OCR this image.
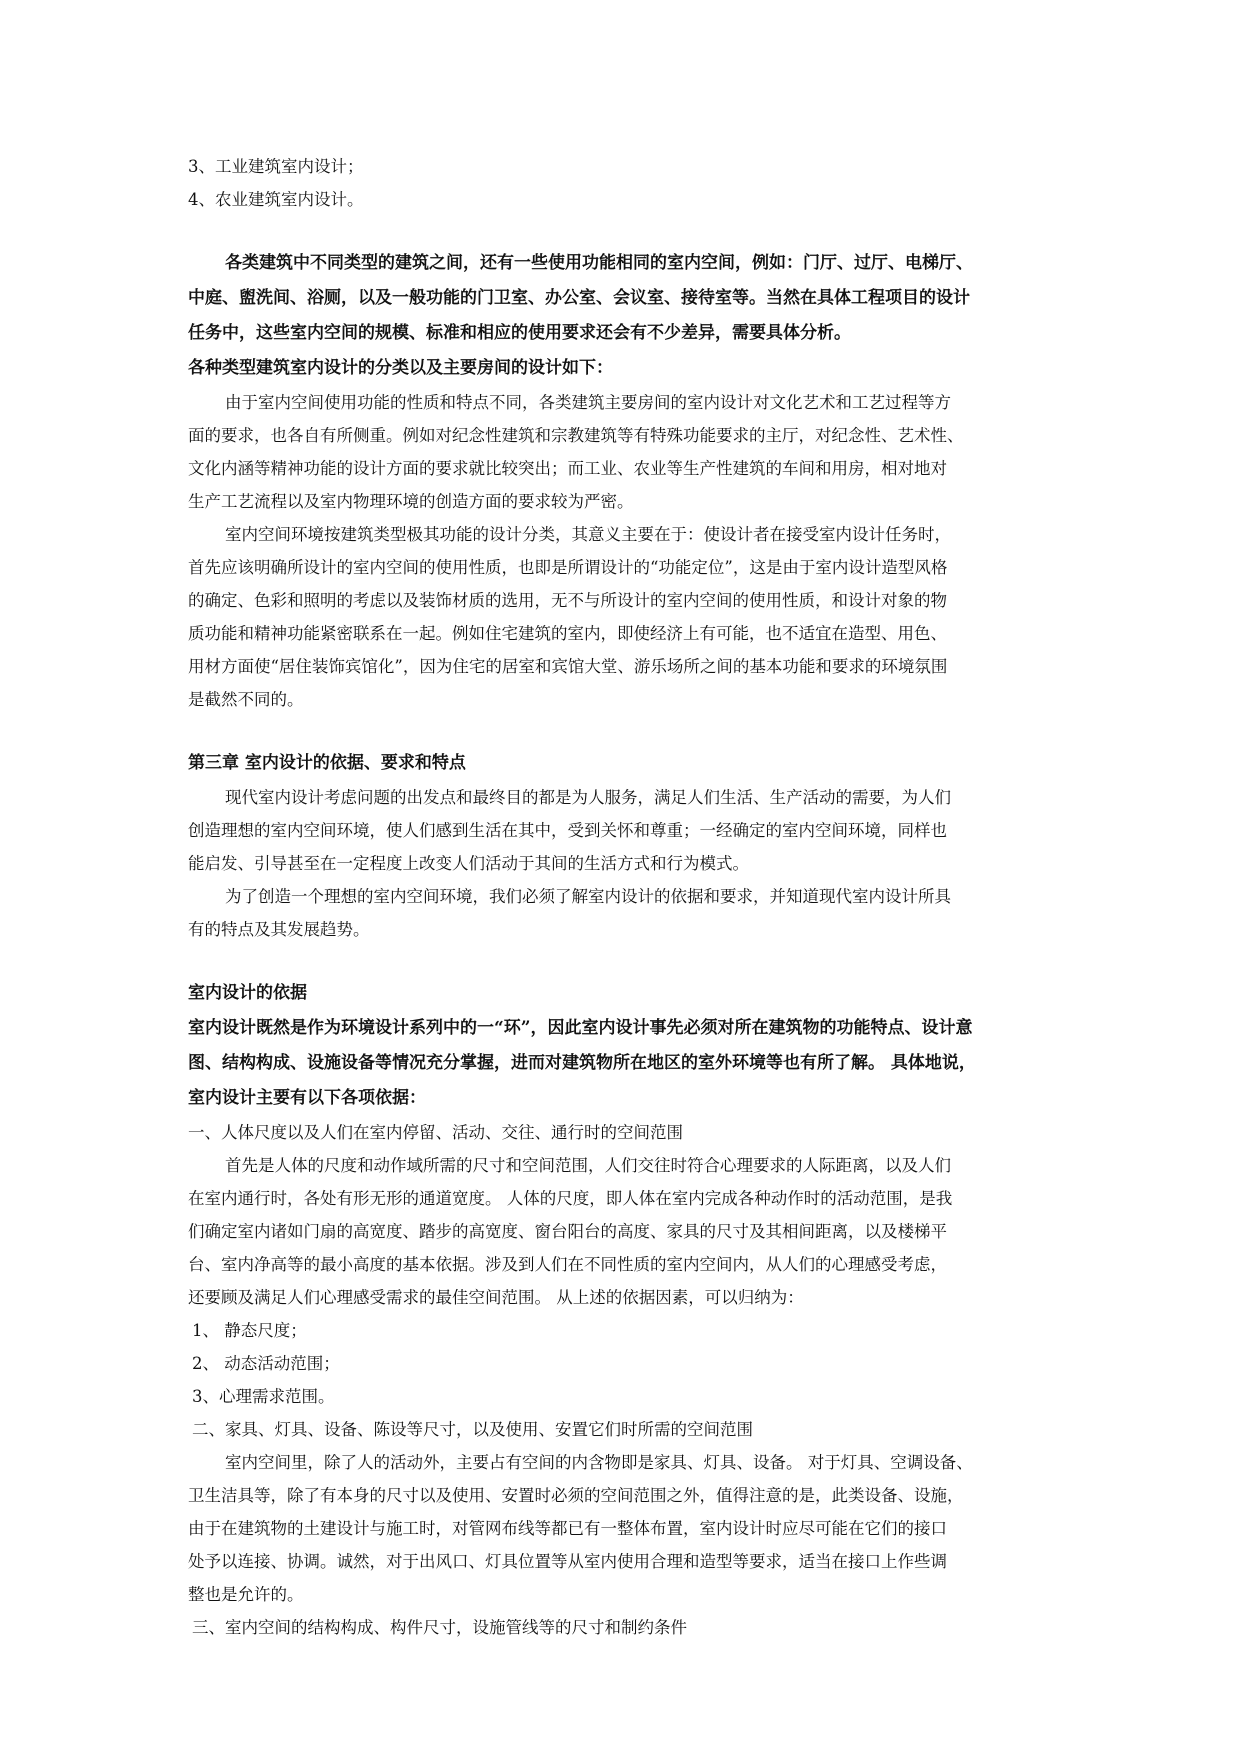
3、工业建筑室内设计；
4、农业建筑室内设计。
各类建筑中不同类型的建筑之间，还有一些使用功能相同的室内空间，例如：门厅、过厅、电梯厅、
中庭、盥洗间、浴厕，以及一般功能的门卫室、办公室、会议室、接待室等。当然在具体工程项目的设计
任务中，这些室内空间的规模、标准和相应的使用要求还会有不少差异，需要具体分析。
各种类型建筑室内设计的分类以及主要房间的设计如下：
由于室内空间使用功能的性质和特点不同，各类建筑主要房间的室内设计对文化艺术和工艺过程等方
面的要求，也各自有所侧重。例如对纪念性建筑和宗教建筑等有特殊功能要求的主厅，对纪念性、艺术性、
文化内涵等精神功能的设计方面的要求就比较突出；而工业、农业等生产性建筑的车间和用房，相对地对
生产工艺流程以及室内物理环境的创造方面的要求较为严密。
室内空间环境按建筑类型极其功能的设计分类，其意义主要在于：使设计者在接受室内设计任务时，
首先应该明确所设计的室内空间的使用性质，也即是所谓设计的“功能定位”，这是由于室内设计造型风格
的确定、色彩和照明的考虑以及装饰材质的选用，无不与所设计的室内空间的使用性质，和设计对象的物
质功能和精神功能紧密联系在一起。例如住宅建筑的室内，即使经济上有可能，也不适宜在造型、用色、
用材方面使“居住装饰宾馆化”，因为住宅的居室和宾馆大堂、游乐场所之间的基本功能和要求的环境氛围
是截然不同的。
第三章 室内设计的依据、要求和特点
现代室内设计考虑问题的出发点和最终目的都是为人服务，满足人们生活、生产活动的需要，为人们
创造理想的室内空间环境，使人们感到生活在其中，受到关怀和尊重；一经确定的室内空间环境，同样也
能启发、引导甚至在一定程度上改变人们活动于其间的生活方式和行为模式。
为了创造一个理想的室内空间环境，我们必须了解室内设计的依据和要求，并知道现代室内设计所具
有的特点及其发展趋势。
室内设计的依据
室内设计既然是作为环境设计系列中的一“环”，因此室内设计事先必须对所在建筑物的功能特点、设计意
图、结构构成、设施设备等情况充分掌握，进而对建筑物所在地区的室外环境等也有所了解。 具体地说，
室内设计主要有以下各项依据：
一、人体尺度以及人们在室内停留、活动、交往、通行时的空间范围
首先是人体的尺度和动作域所需的尺寸和空间范围，人们交往时符合心理要求的人际距离，以及人们
在室内通行时，各处有形无形的通道宽度。 人体的尺度，即人体在室内完成各种动作时的活动范围，是我
们确定室内诸如门扇的高宽度、踏步的高宽度、窗台阳台的高度、家具的尺寸及其相间距离，以及楼梯平
台、室内净高等的最小高度的基本依据。涉及到人们在不同性质的室内空间内，从人们的心理感受考虑，
还要顾及满足人们心理感受需求的最佳空间范围。 从上述的依据因素，可以归纳为：
1、 静态尺度；
2、 动态活动范围；
3、心理需求范围。
二、家具、灯具、设备、陈设等尺寸，以及使用、安置它们时所需的空间范围
室内空间里，除了人的活动外，主要占有空间的内含物即是家具、灯具、设备。 对于灯具、空调设备、
卫生洁具等，除了有本身的尺寸以及使用、安置时必须的空间范围之外，值得注意的是，此类设备、设施，
由于在建筑物的土建设计与施工时，对管网布线等都已有一整体布置，室内设计时应尽可能在它们的接口
处予以连接、协调。诚然，对于出风口、灯具位置等从室内使用合理和造型等要求，适当在接口上作些调
整也是允许的。
三、室内空间的结构构成、构件尺寸，设施管线等的尺寸和制约条件
